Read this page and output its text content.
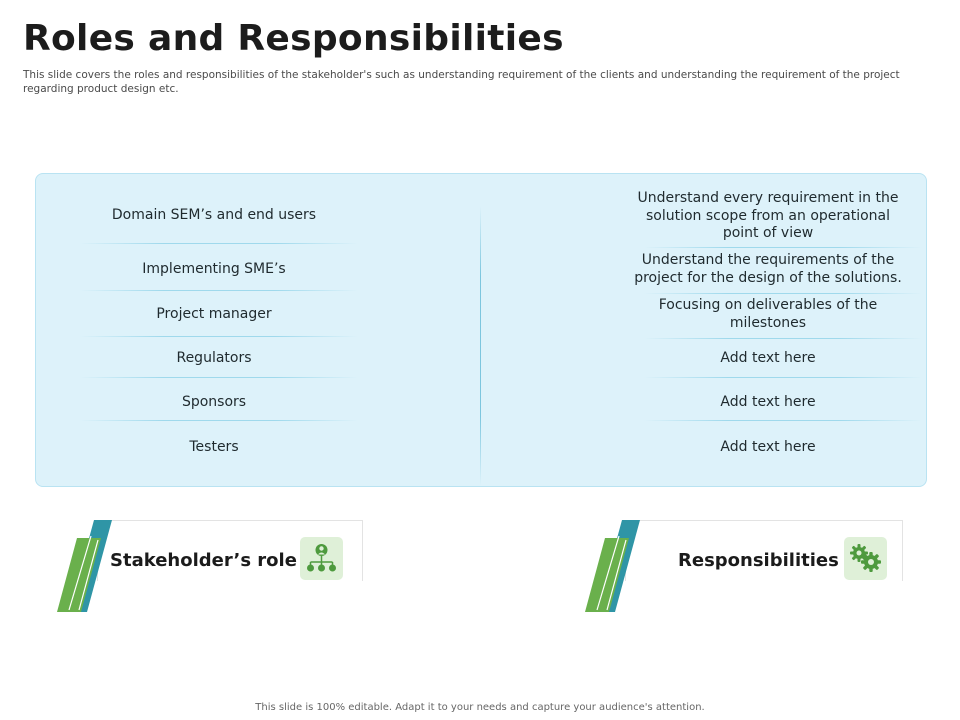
Roles and Responsibilities
This slide covers the roles and responsibilities of the stakeholder's such as understanding requirement of the clients and understanding the requirement of the project regarding product design etc.
Domain SEM’s and end users
Implementing SME’s
Project manager
Regulators
Sponsors
Testers
Understand every requirement in the solution scope from an operational point of view
Understand the requirements of the project for the design of the solutions.
Focusing on deliverables of the milestones
Add text here
Add text here
Add text here
Stakeholder’s role	Responsibilities
This slide is 100% editable. Adapt it to your needs and capture your audience's attention.
